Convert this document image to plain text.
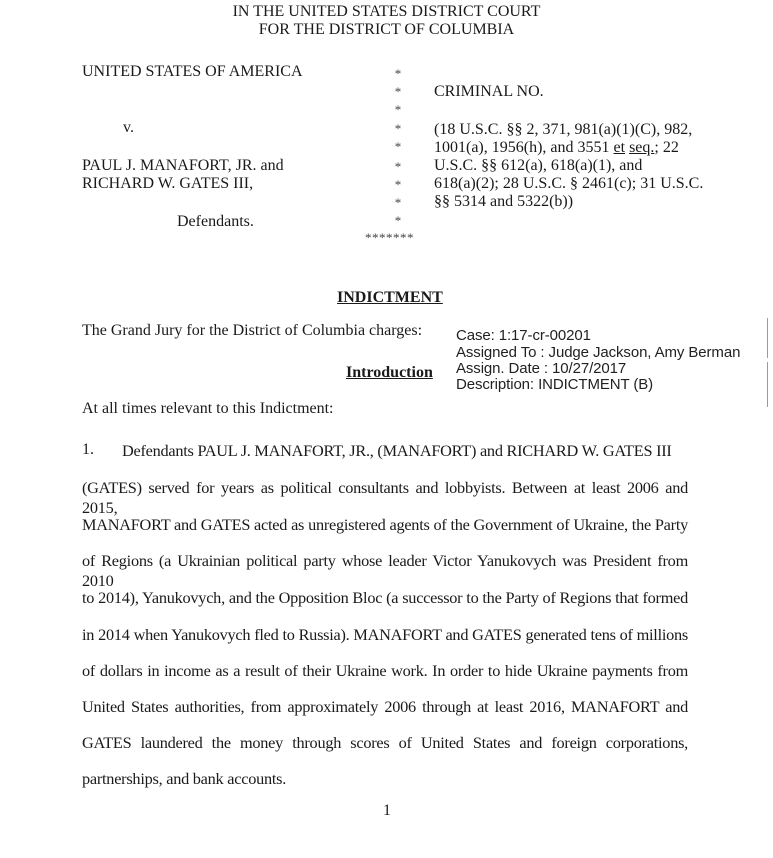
IN THE UNITED STATES DISTRICT COURT
FOR THE DISTRICT OF COLUMBIA
UNITED STATES OF AMERICA
v.
PAUL J. MANAFORT, JR. and
RICHARD W. GATES III,
Defendants.
*
*
*
*
*
*
*
*
*
*******
CRIMINAL NO.
(18 U.S.C. §§ 2, 371, 981(a)(1)(C), 982,
1001(a), 1956(h), and 3551 et seq.; 22
U.S.C. §§ 612(a), 618(a)(1), and
618(a)(2); 28 U.S.C. § 2461(c); 31 U.S.C.
§§ 5314 and 5322(b))
INDICTMENT
The Grand Jury for the District of Columbia charges:
Introduction
Case: 1:17-cr-00201
Assigned To : Judge Jackson, Amy Berman
Assign. Date : 10/27/2017
Description: INDICTMENT (B)
At all times relevant to this Indictment:
1. Defendants PAUL J. MANAFORT, JR., (MANAFORT) and RICHARD W. GATES III
(GATES) served for years as political consultants and lobbyists. Between at least 2006 and 2015,
MANAFORT and GATES acted as unregistered agents of the Government of Ukraine, the Party
of Regions (a Ukrainian political party whose leader Victor Yanukovych was President from 2010
to 2014), Yanukovych, and the Opposition Bloc (a successor to the Party of Regions that formed
in 2014 when Yanukovych fled to Russia). MANAFORT and GATES generated tens of millions
of dollars in income as a result of their Ukraine work. In order to hide Ukraine payments from
United States authorities, from approximately 2006 through at least 2016, MANAFORT and
GATES laundered the money through scores of United States and foreign corporations,
partnerships, and bank accounts.
1
